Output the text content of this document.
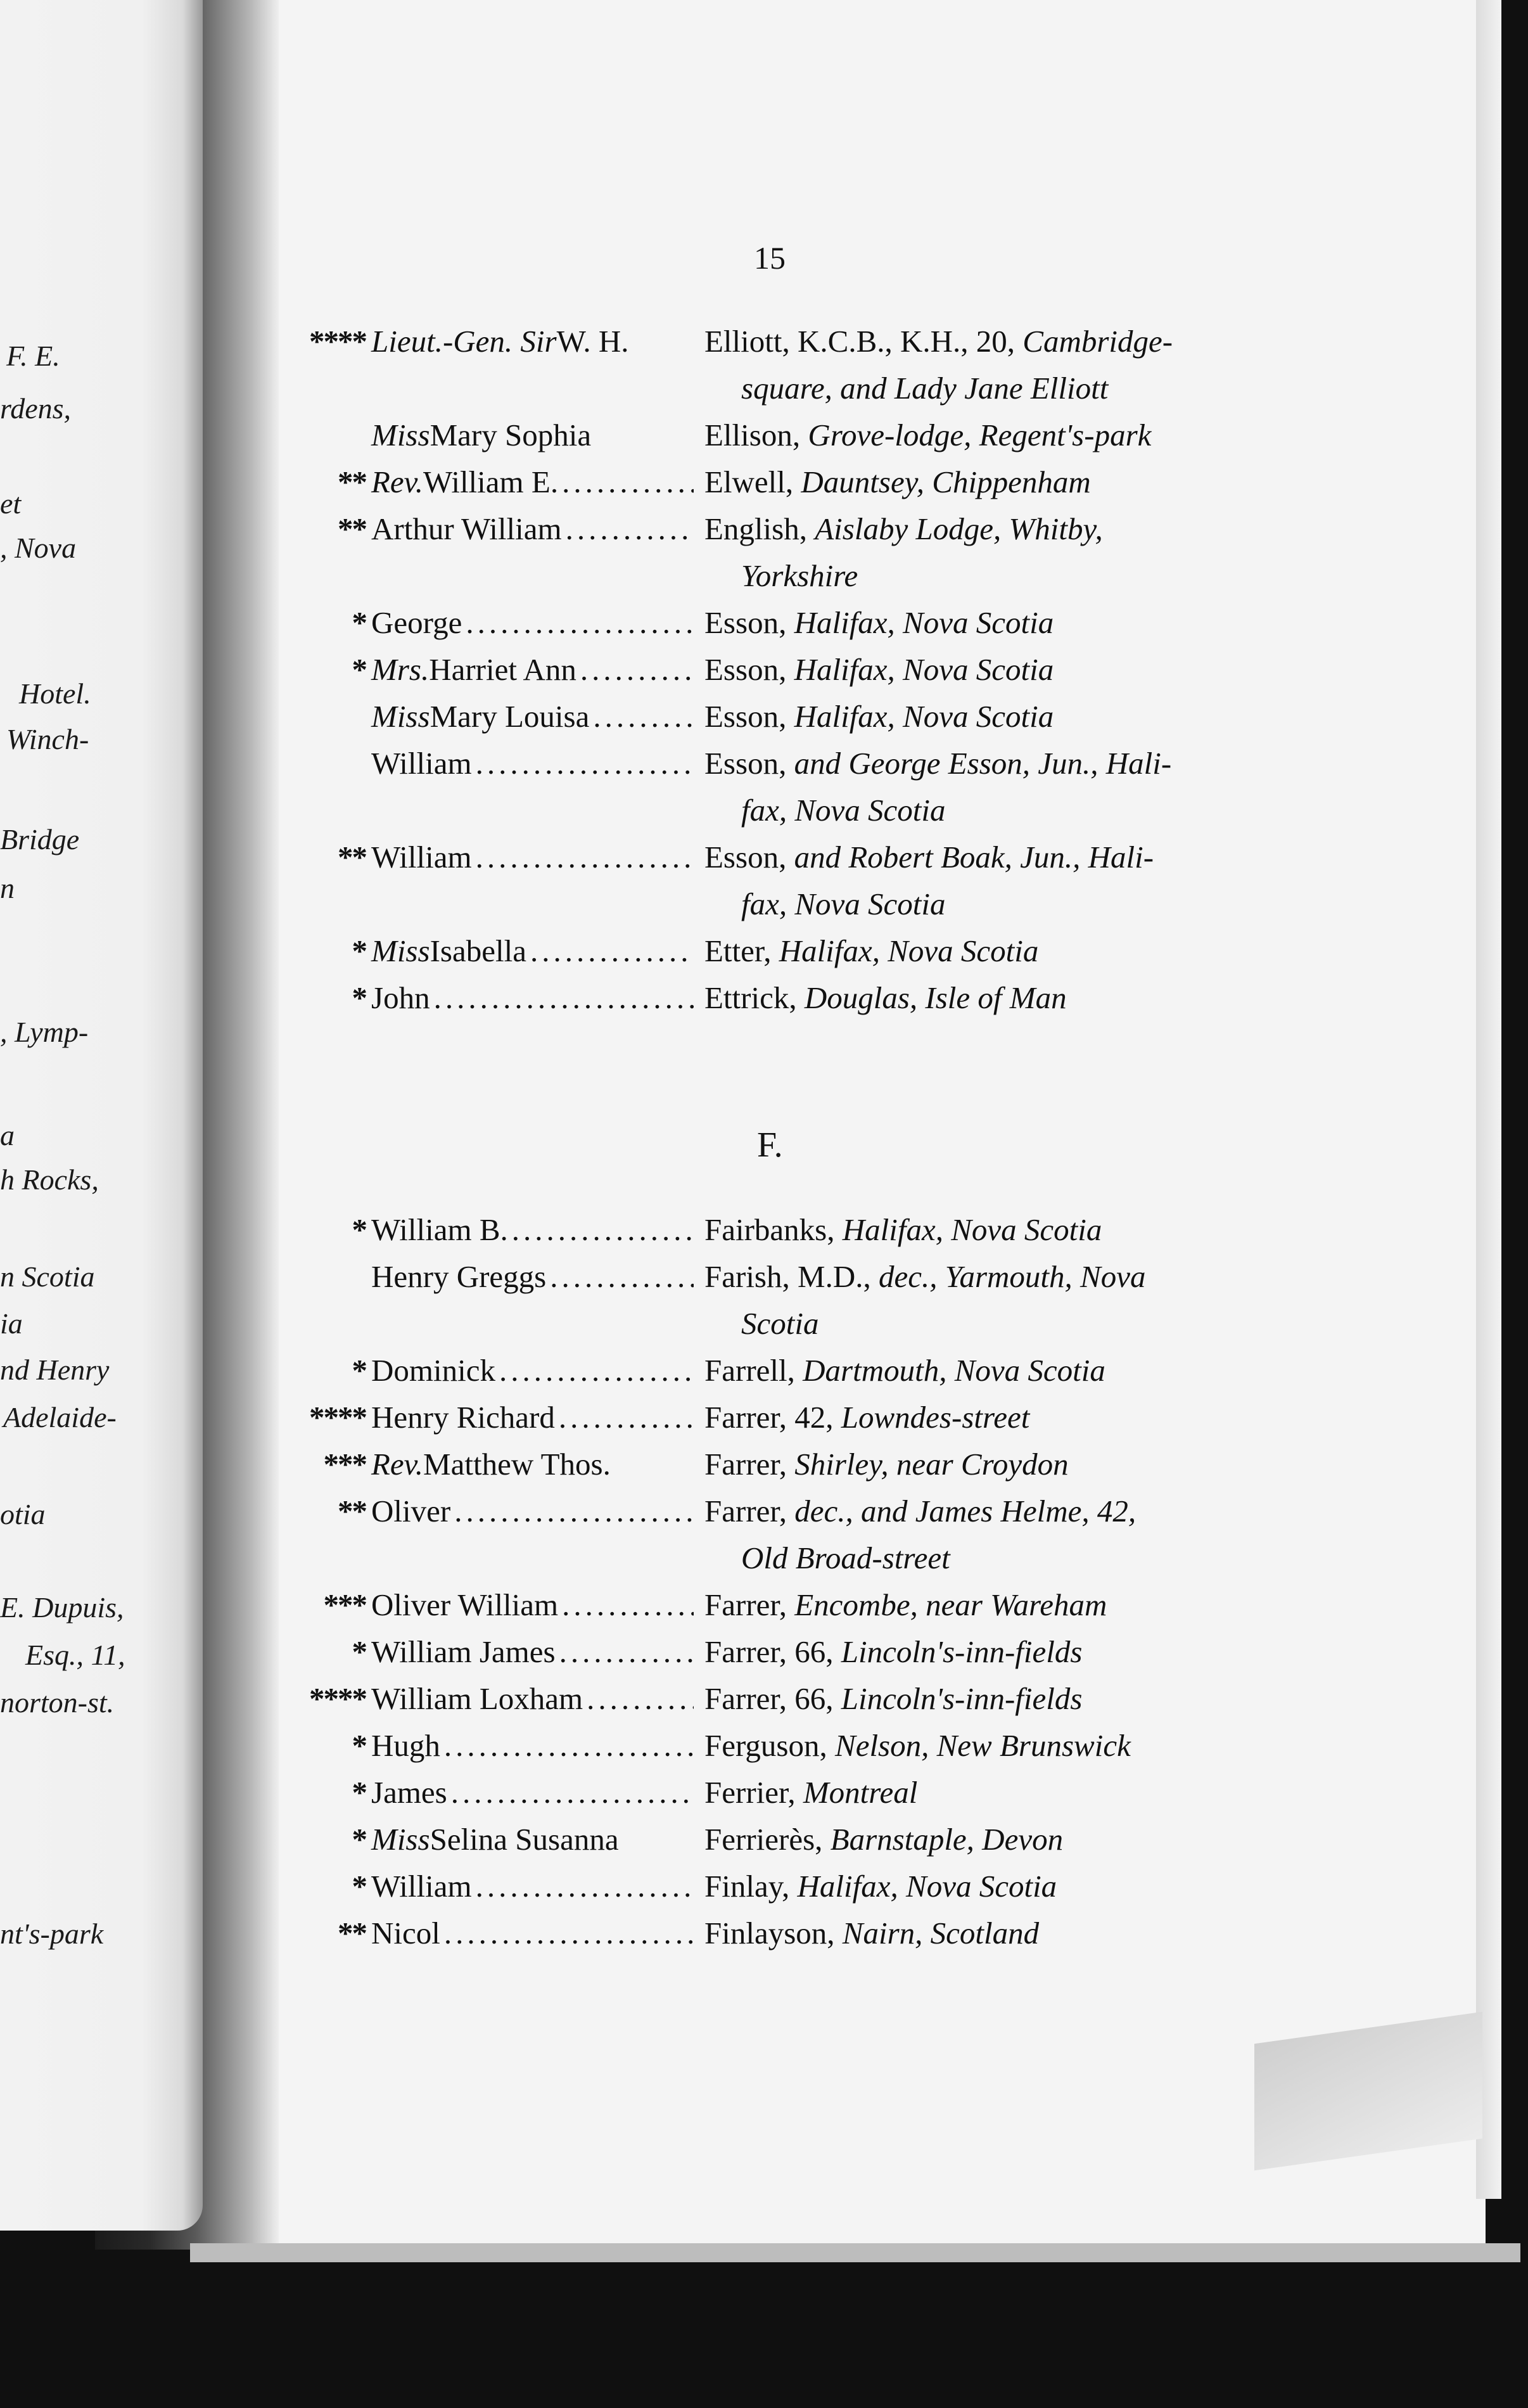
F. E.
rdens,
et
, Nova
Hotel.
Winch-
Bridge
n
, Lymp-
a
h Rocks,
n Scotia
ia
nd Henry
Adelaide-
otia
E. Dupuis,
Esq., 11,
norton-st.
nt's-park
15
**** Lieut.-Gen. Sir W. H. Elliott, K.C.B., K.H., 20, Cambridge-
square, and Lady Jane Elliott
Miss Mary Sophia	Ellison, Grove-lodge, Regent's-park
** Rev. William E. .....	Elwell, Dauntsey, Chippenham
** Arthur William .....	English, Aislaby Lodge, Whitby,
Yorkshire
* George .....	Esson, Halifax, Nova Scotia
* Mrs. Harriet Ann .....	Esson, Halifax, Nova Scotia
Miss Mary Louisa .....	Esson, Halifax, Nova Scotia
William .....	Esson, and George Esson, Jun., Hali-
fax, Nova Scotia
** William .....	Esson, and Robert Boak, Jun., Hali-
fax, Nova Scotia
* Miss Isabella .....	Etter, Halifax, Nova Scotia
* John .....	Ettrick, Douglas, Isle of Man
F.
* William B. .....	Fairbanks, Halifax, Nova Scotia
Henry Greggs .....	Farish, M.D., dec., Yarmouth, Nova
Scotia
* Dominick .....	Farrell, Dartmouth, Nova Scotia
**** Henry Richard .....	Farrer, 42, Lowndes-street
*** Rev. Matthew Thos.	Farrer, Shirley, near Croydon
** Oliver .....	Farrer, dec., and James Helme, 42,
Old Broad-street
*** Oliver William .....	Farrer, Encombe, near Wareham
* William James .....	Farrer, 66, Lincoln's-inn-fields
**** William Loxham .....	Farrer, 66, Lincoln's-inn-fields
* Hugh .....	Ferguson, Nelson, New Brunswick
* James .....	Ferrier, Montreal
* Miss Selina Susanna	Ferrierès, Barnstaple, Devon
* William .....	Finlay, Halifax, Nova Scotia
** Nicol .....	Finlayson, Nairn, Scotland
